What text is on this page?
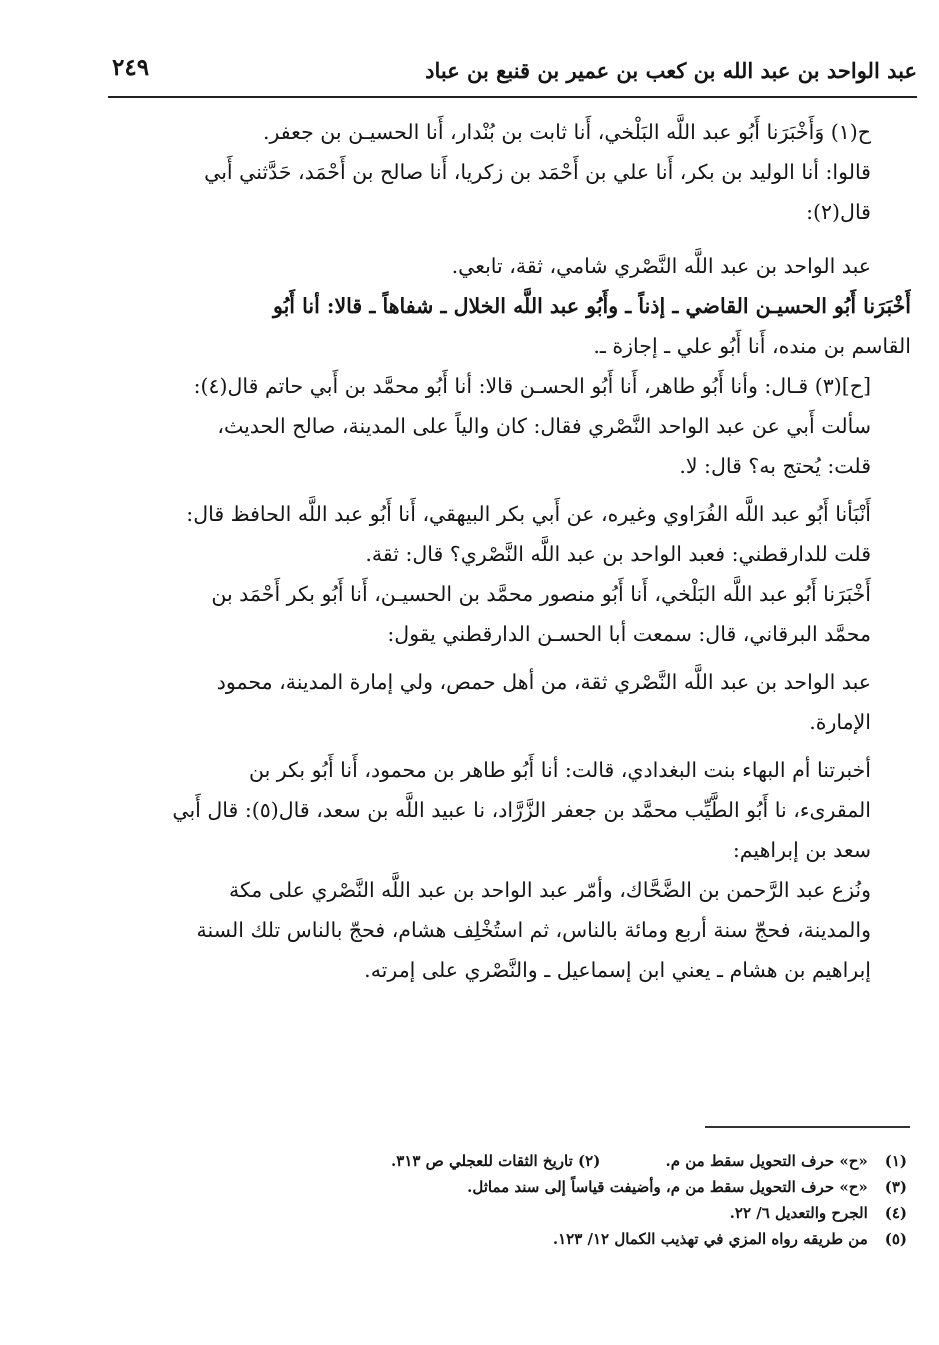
عبد الواحد بن عبد الله بن كعب بن عمير بن قنبع بن عباد
٢٤٩
ح(١) وَأَخْبَرَنا أَبُو عبد اللَّه البَلْخي، أَنا ثابت بن بُنْدار، أَنا الحسيـن بن جعفر.
قالوا: أنا الوليد بن بكر، أَنا علي بن أَحْمَد بن زكريا، أَنا صالح بن أَحْمَد، حَدَّثني أَبي
قال(٢):
عبد الواحد بن عبد اللَّه النَّصْري شامي، ثقة، تابعي.
أَخْبَرَنا أَبُو الحسيـن القاضي ـ إذناً ـ وأَبُو عبد اللَّه الخلال ـ شفاهاً ـ قالا: أنا أَبُو
القاسم بن منده، أَنا أَبُو علي ـ إجازة ـ.
[ح](٣) قـال: وأنا أَبُو طاهر، أَنا أَبُو الحسـن قالا: أنا أَبُو محمَّد بن أَبي حاتم قال(٤):
سألت أَبي عن عبد الواحد النَّصْري فقال: كان والياً على المدينة، صالح الحديث،
قلت: يُحتج به؟ قال: لا.
أَنْبَأنا أَبُو عبد اللَّه الفُرَاوي وغيره، عن أَبي بكر البيهقي، أَنا أَبُو عبد اللَّه الحافظ قال:
قلت للدارقطني: فعبد الواحد بن عبد اللَّه النَّصْري؟ قال: ثقة.
أَخْبَرَنا أَبُو عبد اللَّه البَلْخي، أَنا أَبُو منصور محمَّد بن الحسيـن، أَنا أَبُو بكر أَحْمَد بن
محمَّد البرقاني، قال: سمعت أبا الحسـن الدارقطني يقول:
عبد الواحد بن عبد اللَّه النَّصْري ثقة، من أهل حمص، ولي إمارة المدينة، محمود
الإمارة.
أخبرتنا أم البهاء بنت البغدادي، قالت: أنا أَبُو طاهر بن محمود، أَنا أَبُو بكر بن
المقرىء، نا أَبُو الطَّيِّب محمَّد بن جعفر الزَّرَّاد، نا عبيد اللَّه بن سعد، قال(٥): قال أَبي
سعد بن إبراهيم:
ونُزع عبد الرَّحمن بن الضَّحَّاك، وأمّر عبد الواحد بن عبد اللَّه النَّصْري على مكة
والمدينة، فحجّ سنة أربع ومائة بالناس، ثم استُخْلِف هشام، فحجّ بالناس تلك السنة
إبراهيم بن هشام ـ يعني ابن إسماعيل ـ والنَّصْري على إمرته.
(١) «ح» حرف التحويل سقط من م. (٢) تاريخ الثقات للعجلي ص ٣١٣.
(٣) «ح» حرف التحويل سقط من م، وأضيفت قياساً إلى سند مماثل.
(٤) الجرح والتعديل ٦/ ٢٢.
(٥) من طريقه رواه المزي في تهذيب الكمال ١٢/ ١٢٣.
